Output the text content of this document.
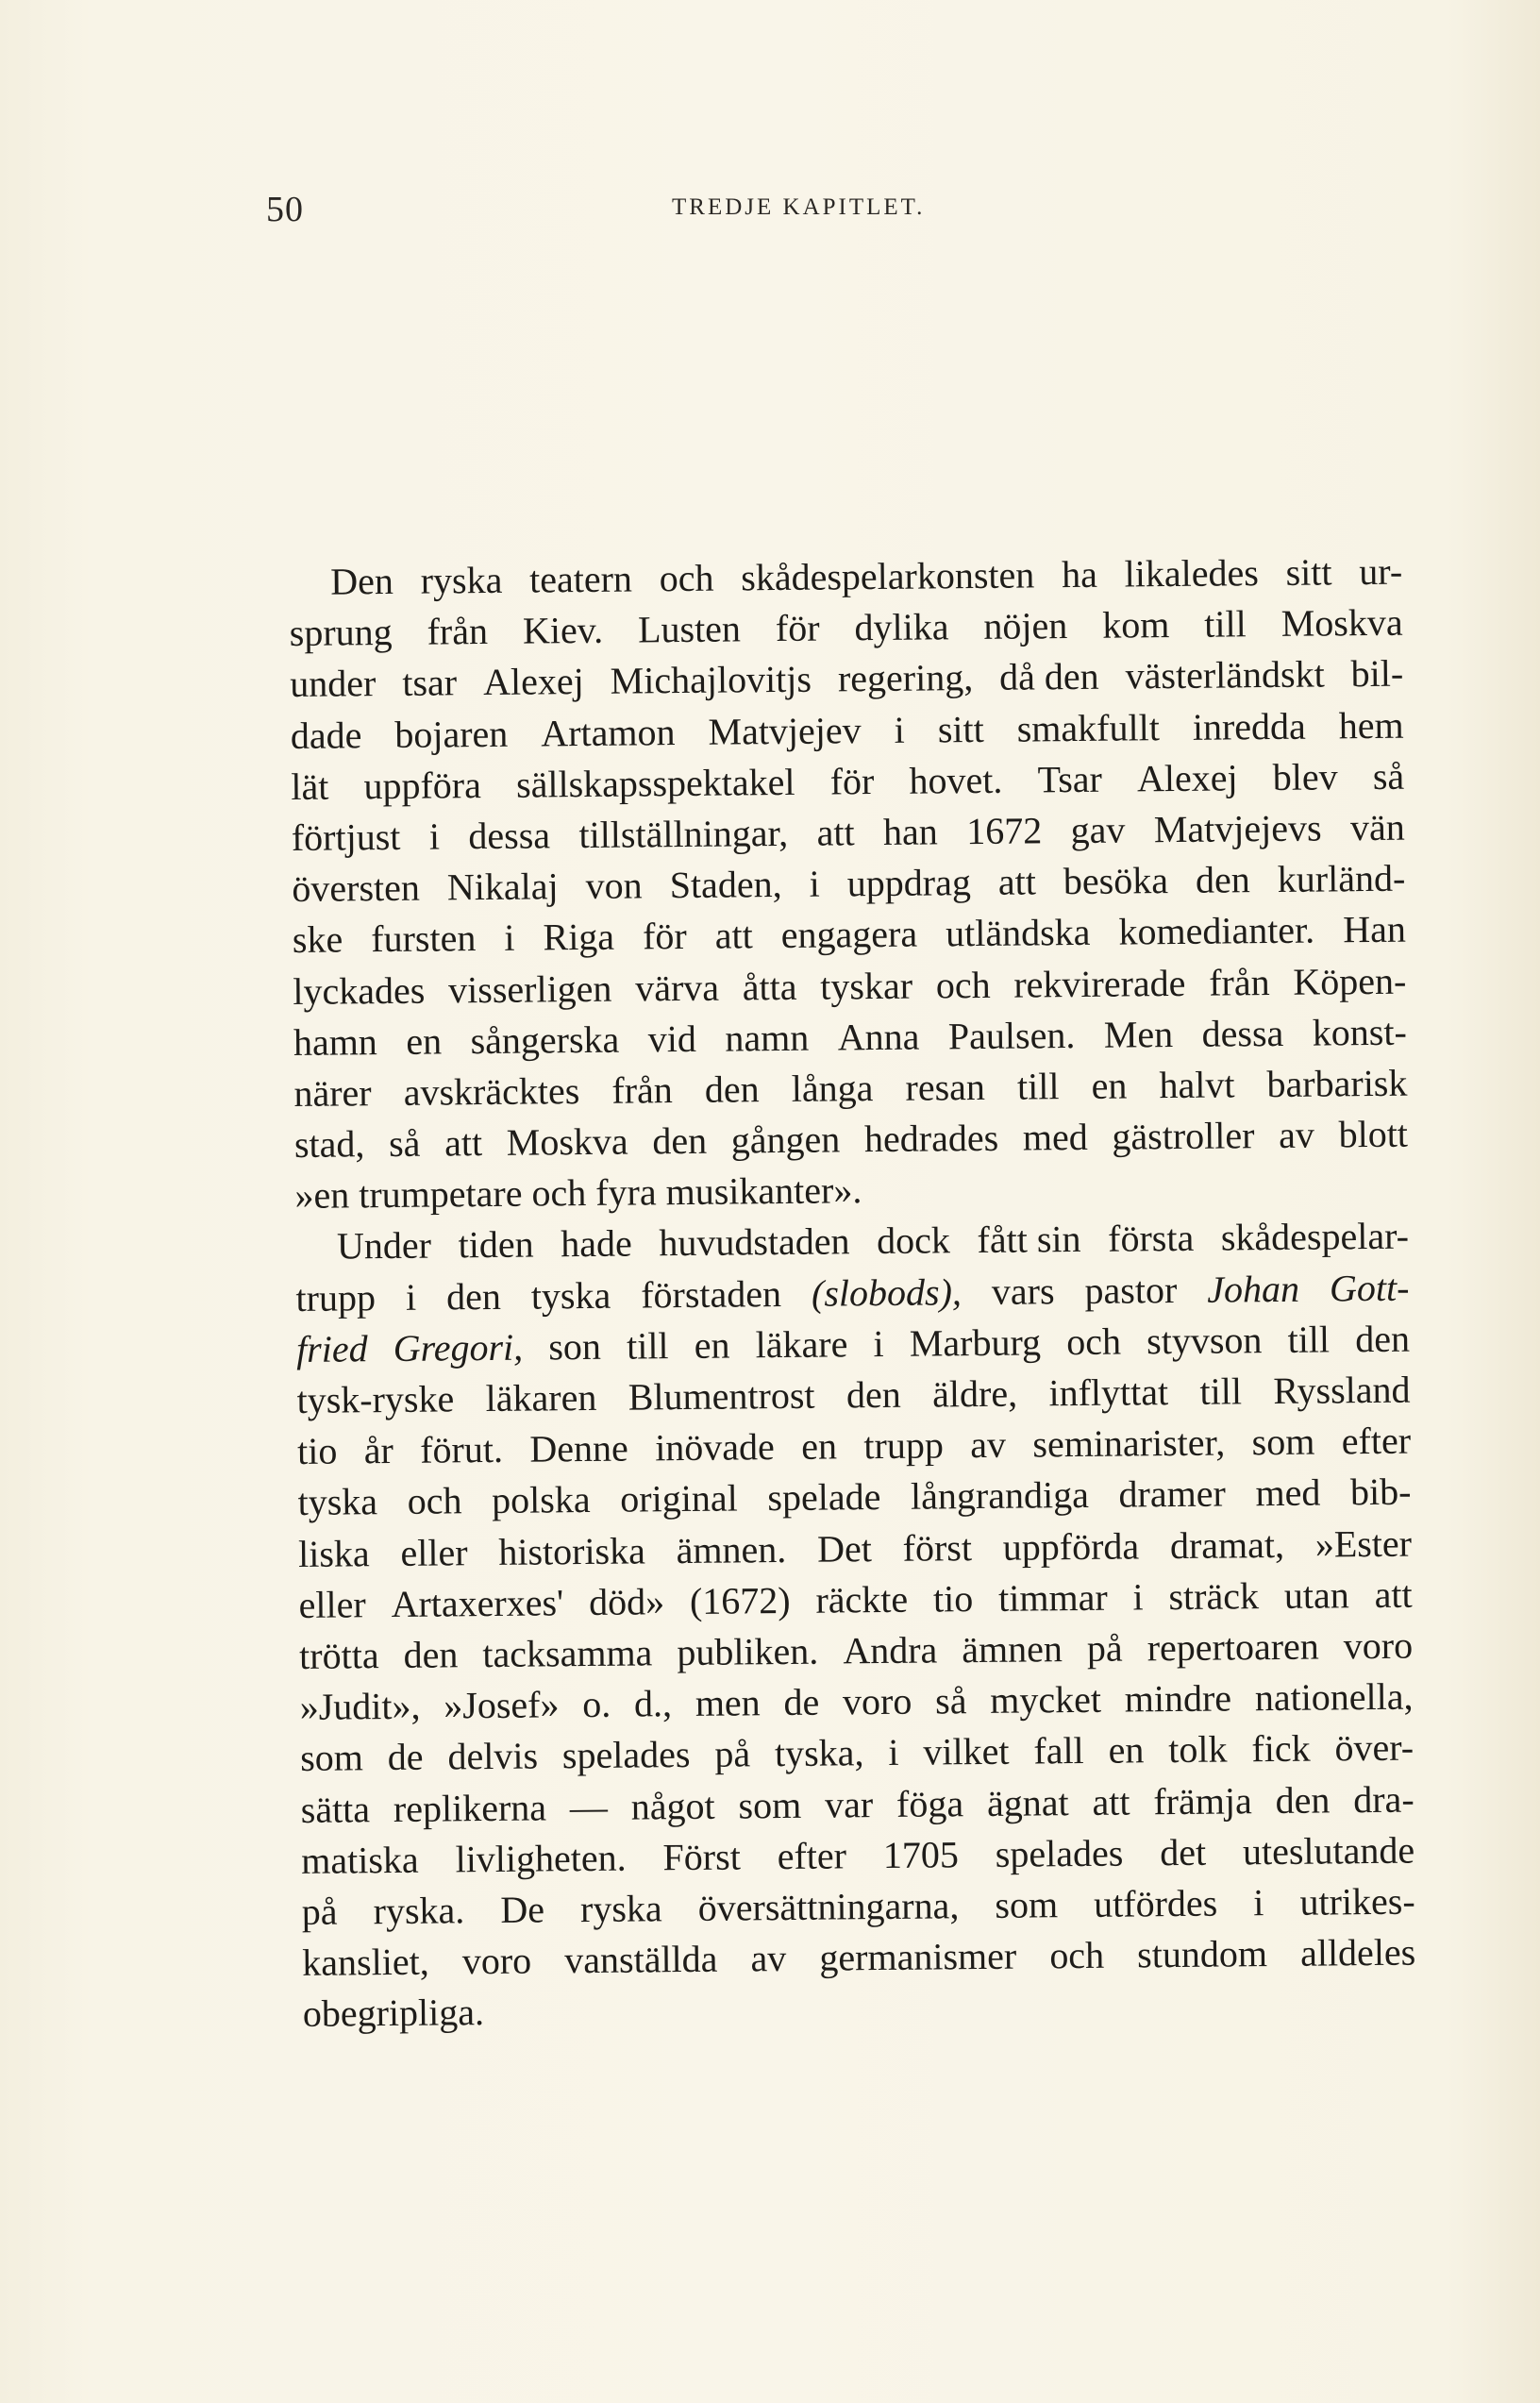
50	TREDJE KAPITLET.
Den ryska teatern och skådespelarkonsten ha likaledes sitt ur-
sprung från Kiev. Lusten för dylika nöjen kom till Moskva
under tsar Alexej Michajlovitjs regering, då den västerländskt bil-
dade bojaren Artamon Matvjejev i sitt smakfullt inredda hem
lät uppföra sällskapsspektakel för hovet. Tsar Alexej blev så
förtjust i dessa tillställningar, att han 1672 gav Matvjejevs vän
översten Nikalaj von Staden, i uppdrag att besöka den kurländ-
ske fursten i Riga för att engagera utländska komedianter. Han
lyckades visserligen värva åtta tyskar och rekvirerade från Köpen-
hamn en sångerska vid namn Anna Paulsen. Men dessa konst-
närer avskräcktes från den långa resan till en halvt barbarisk
stad, så att Moskva den gången hedrades med gästroller av blott
»en trumpetare och fyra musikanter».
Under tiden hade huvudstaden dock fått sin första skådespelar-
trupp i den tyska förstaden (slobods), vars pastor Johan Gott-
fried Gregori, son till en läkare i Marburg och styvson till den
tysk-ryske läkaren Blumentrost den äldre, inflyttat till Ryssland
tio år förut. Denne inövade en trupp av seminarister, som efter
tyska och polska original spelade långrandiga dramer med bib-
liska eller historiska ämnen. Det först uppförda dramat, »Ester
eller Artaxerxes' död» (1672) räckte tio timmar i sträck utan att
trötta den tacksamma publiken. Andra ämnen på repertoaren voro
»Judit», »Josef» o. d., men de voro så mycket mindre nationella,
som de delvis spelades på tyska, i vilket fall en tolk fick över-
sätta replikerna — något som var föga ägnat att främja den dra-
matiska livligheten. Först efter 1705 spelades det uteslutande
på ryska. De ryska översättningarna, som utfördes i utrikes-
kansliet, voro vanställda av germanismer och stundom alldeles
obegripliga.
